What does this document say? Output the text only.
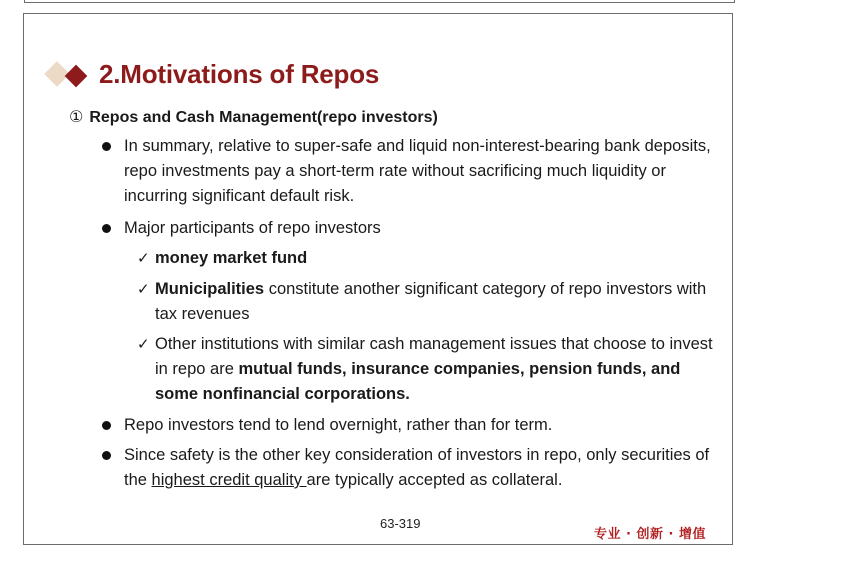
2.Motivations of Repos

① Repos and Cash Management(repo investors)

In summary, relative to super-safe and liquid non-interest-bearing bank deposits, repo investments pay a short-term rate without sacrificing much liquidity or incurring significant default risk.

Major participants of repo investors

✓ money market fund

✓ Municipalities constitute another significant category of repo investors with tax revenues

✓ Other institutions with similar cash management issues that choose to invest in repo are mutual funds, insurance companies, pension funds, and some nonfinancial corporations.

Repo investors tend to lend overnight, rather than for term.

Since safety is the other key consideration of investors in repo, only securities of the highest credit quality are typically accepted as collateral.

63-319
专业 · 创新 · 增值
